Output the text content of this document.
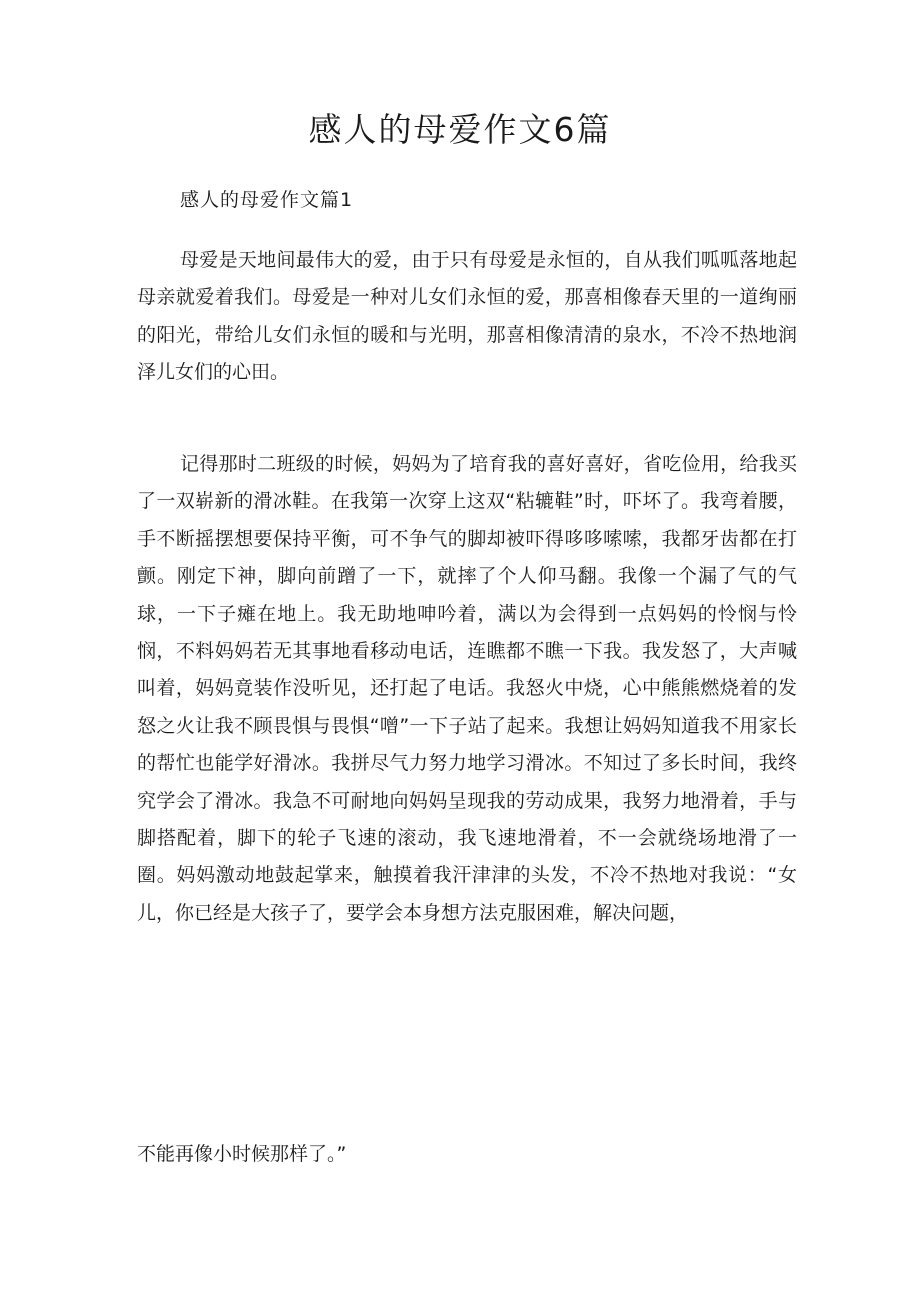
感人的母爱作文6篇

感人的母爱作文篇1

母爱是天地间最伟大的爱，由于只有母爱是永恒的，自从我们呱呱落地起母亲就爱着我们。母爱是一种对儿女们永恒的爱，那喜相像春天里的一道绚丽的阳光，带给儿女们永恒的暖和与光明，那喜相像清清的泉水，不冷不热地润泽儿女们的心田。

记得那时二班级的时候，妈妈为了培育我的喜好喜好，省吃俭用，给我买了一双崭新的滑冰鞋。在我第一次穿上这双“粘辘鞋”时，吓坏了。我弯着腰，手不断摇摆想要保持平衡，可不争气的脚却被吓得哆哆嗦嗦，我都牙齿都在打颤。刚定下神，脚向前蹭了一下，就摔了个人仰马翻。我像一个漏了气的气球，一下子瘫在地上。我无助地呻吟着，满以为会得到一点妈妈的怜悯与怜悯，不料妈妈若无其事地看移动电话，连瞧都不瞧一下我。我发怒了，大声喊叫着，妈妈竟装作没听见，还打起了电话。我怒火中烧，心中熊熊燃烧着的发怒之火让我不顾畏惧与畏惧“噌”一下子站了起来。我想让妈妈知道我不用家长的帮忙也能学好滑冰。我拼尽气力努力地学习滑冰。不知过了多长时间，我终究学会了滑冰。我急不可耐地向妈妈呈现我的劳动成果，我努力地滑着，手与脚搭配着，脚下的轮子飞速的滚动，我飞速地滑着，不一会就绕场地滑了一圈。妈妈激动地鼓起掌来，触摸着我汗津津的头发，不冷不热地对我说：“女儿，你已经是大孩子了，要学会本身想方法克服困难，解决问题，

不能再像小时候那样了。”
